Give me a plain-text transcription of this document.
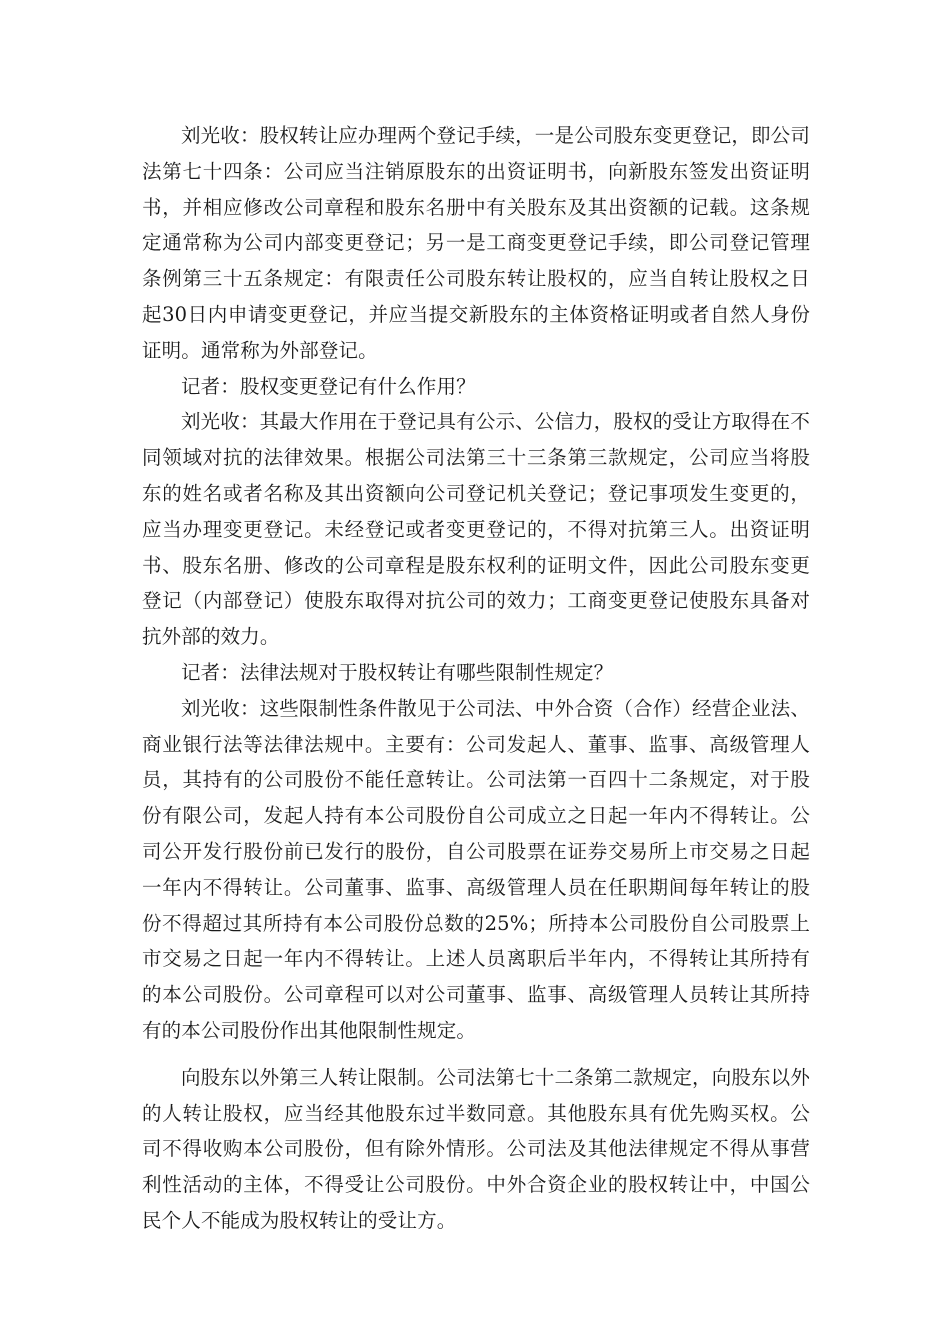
刘光收：股权转让应办理两个登记手续，一是公司股东变更登记，即公司法第七十四条：公司应当注销原股东的出资证明书，向新股东签发出资证明书，并相应修改公司章程和股东名册中有关股东及其出资额的记载。这条规定通常称为公司内部变更登记；另一是工商变更登记手续，即公司登记管理条例第三十五条规定：有限责任公司股东转让股权的，应当自转让股权之日起30日内申请变更登记，并应当提交新股东的主体资格证明或者自然人身份证明。通常称为外部登记。

记者：股权变更登记有什么作用？

刘光收：其最大作用在于登记具有公示、公信力，股权的受让方取得在不同领域对抗的法律效果。根据公司法第三十三条第三款规定，公司应当将股东的姓名或者名称及其出资额向公司登记机关登记；登记事项发生变更的，应当办理变更登记。未经登记或者变更登记的，不得对抗第三人。出资证明书、股东名册、修改的公司章程是股东权利的证明文件，因此公司股东变更登记（内部登记）使股东取得对抗公司的效力；工商变更登记使股东具备对抗外部的效力。

记者：法律法规对于股权转让有哪些限制性规定？

刘光收：这些限制性条件散见于公司法、中外合资（合作）经营企业法、商业银行法等法律法规中。主要有：公司发起人、董事、监事、高级管理人员，其持有的公司股份不能任意转让。公司法第一百四十二条规定，对于股份有限公司，发起人持有本公司股份自公司成立之日起一年内不得转让。公司公开发行股份前已发行的股份，自公司股票在证券交易所上市交易之日起一年内不得转让。公司董事、监事、高级管理人员在任职期间每年转让的股份不得超过其所持有本公司股份总数的25%；所持本公司股份自公司股票上市交易之日起一年内不得转让。上述人员离职后半年内，不得转让其所持有的本公司股份。公司章程可以对公司董事、监事、高级管理人员转让其所持有的本公司股份作出其他限制性规定。

向股东以外第三人转让限制。公司法第七十二条第二款规定，向股东以外的人转让股权，应当经其他股东过半数同意。其他股东具有优先购买权。公司不得收购本公司股份，但有除外情形。公司法及其他法律规定不得从事营利性活动的主体，不得受让公司股份。中外合资企业的股权转让中，中国公民个人不能成为股权转让的受让方。
